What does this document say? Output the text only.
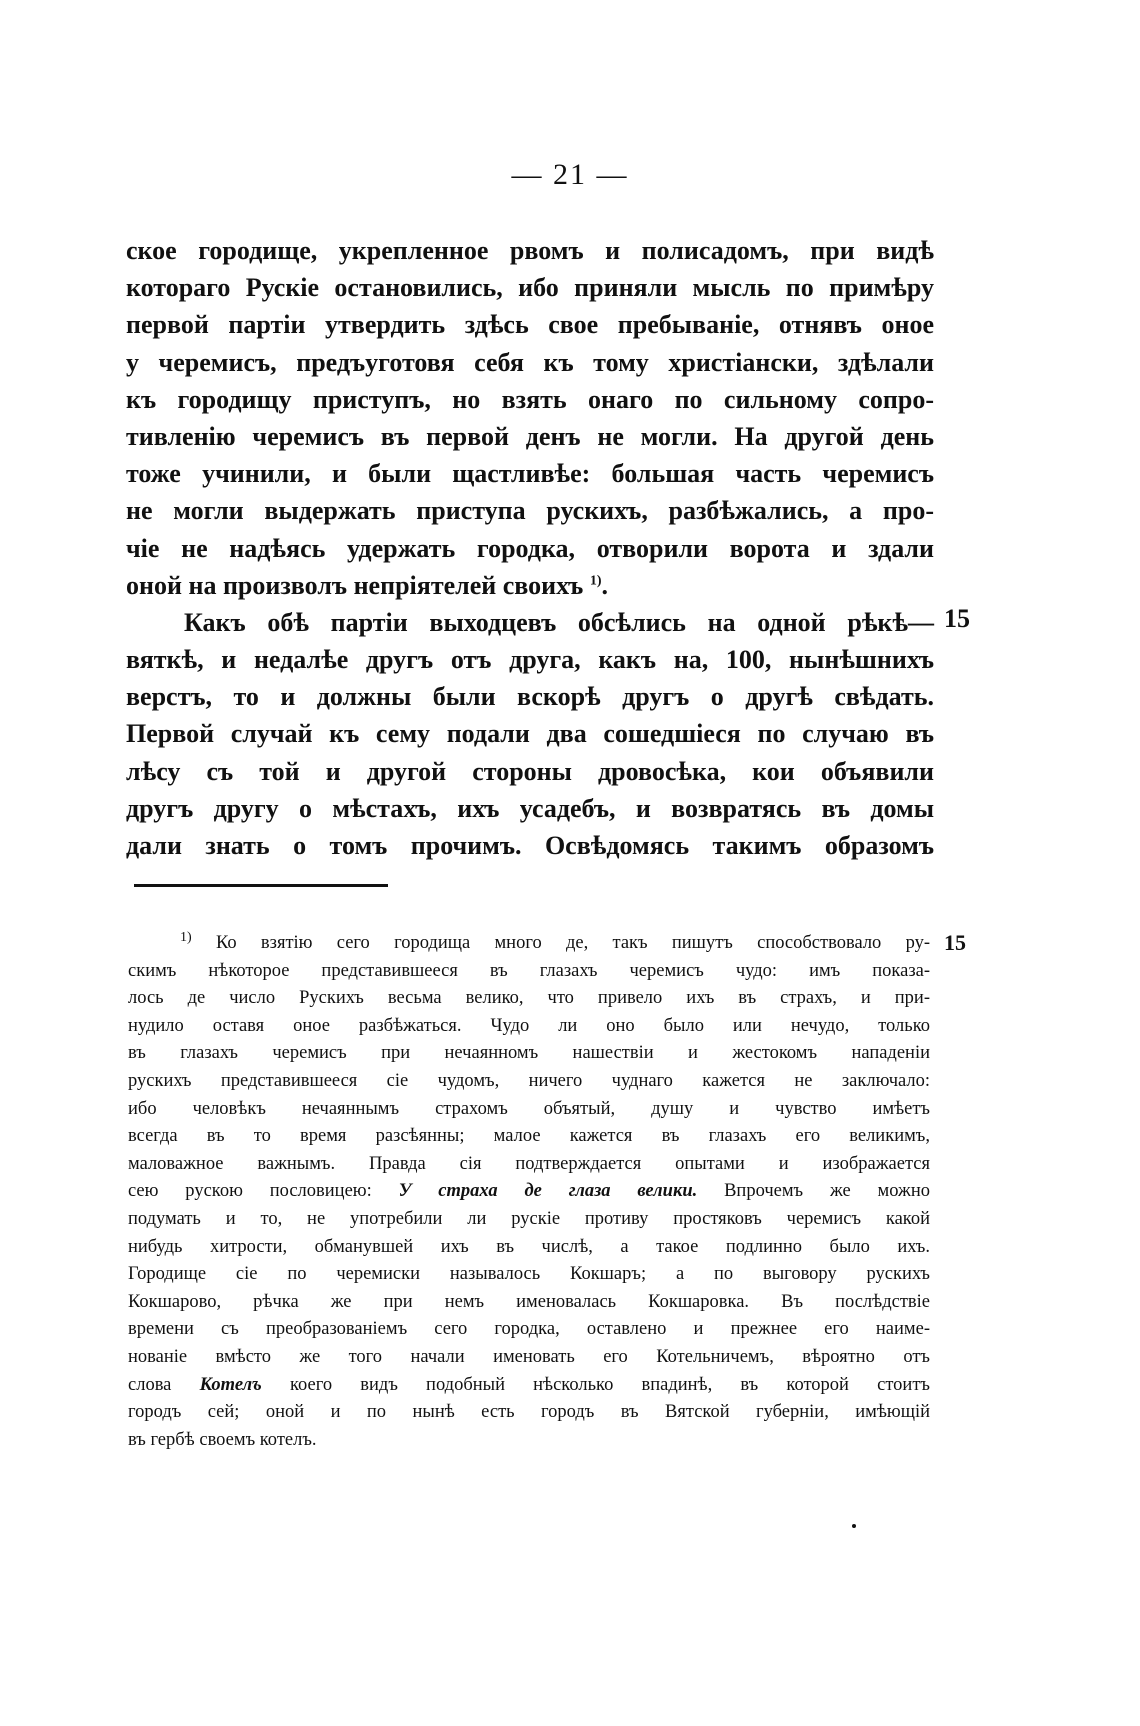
— 21 —
ское городище, укрепленное рвомъ и полисадомъ, при видѣ
котораго Рускіе остановились, ибо приняли мысль по примѣру
первой партіи утвердить здѣсь свое пребываніе, отнявъ оное
у черемисъ, предъуготовя себя къ тому христіански, здѣлали
къ городищу приступъ, но взять онаго по сильному сопро-
тивленію черемисъ въ первой денъ не могли. На другой день
тоже учинили, и были щастливѣе: большая часть черемисъ
не могли выдержать приступа рускихъ, разбѣжались, а про-
чіе не надѣясь удержать городка, отворили ворота и здали
оной на произволъ непріятелей своихъ $^{1)}$.
Какъ обѣ партіи выходцевъ обсѣлись на одной рѣкѣ—
вяткѣ, и недалѣе другъ отъ друга, какъ на, 100, нынѣшнихъ
верстъ, то и должны были вскорѣ другъ о другѣ свѣдать.
Первой случай къ сему подали два сошедшіеся по случаю въ
лѣсу съ той и другой стороны дровосѣка, кои объявили
другъ другу о мѣстахъ, ихъ усадебъ, и возвратясь въ домы
дали знать о томъ прочимъ. Освѣдомясь такимъ образомъ
15
$^{1)}$ Ко взятію сего городища много де, такъ пишутъ способствовало ру-
скимъ нѣкоторое представившееся въ глазахъ черемисъ чудо: имъ показа-
лось де число Рускихъ весьма велико, что привело ихъ въ страхъ, и при-
нудило оставя оное разбѣжаться. Чудо ли оно было или нечудо, только
въ глазахъ черемисъ при нечаянномъ нашествіи и жестокомъ нападеніи
рускихъ представившееся сіе чудомъ, ничего чуднаго кажется не заключало:
ибо человѣкъ нечаяннымъ страхомъ объятый, душу и чувство имѣетъ
всегда въ то время разсѣянны; малое кажется въ глазахъ его великимъ,
маловажное важнымъ. Правда сія подтверждается опытами и изображается
сею рускою пословицею: У страха де глаза велики. Впрочемъ же можно
подумать и то, не употребили ли рускіе противу простяковъ черемисъ какой
нибудь хитрости, обманувшей ихъ въ числѣ, а такое подлинно было ихъ.
Городище сіе по черемиски называлось Кокшаръ; а по выговору рускихъ
Кокшарово, рѣчка же при немъ именовалась Кокшаровка. Въ послѣдствіе
времени съ преобразованіемъ сего городка, оставлено и прежнее его наиме-
нованіе вмѣсто же того начали именовать его Котельничемъ, вѣроятно отъ
слова Котелъ коего видъ подобный нѣсколько впадинѣ, въ которой стоитъ
городъ сей; оной и по нынѣ есть городъ въ Вятской губерніи, имѣющій
въ гербѣ своемъ котелъ.
15
